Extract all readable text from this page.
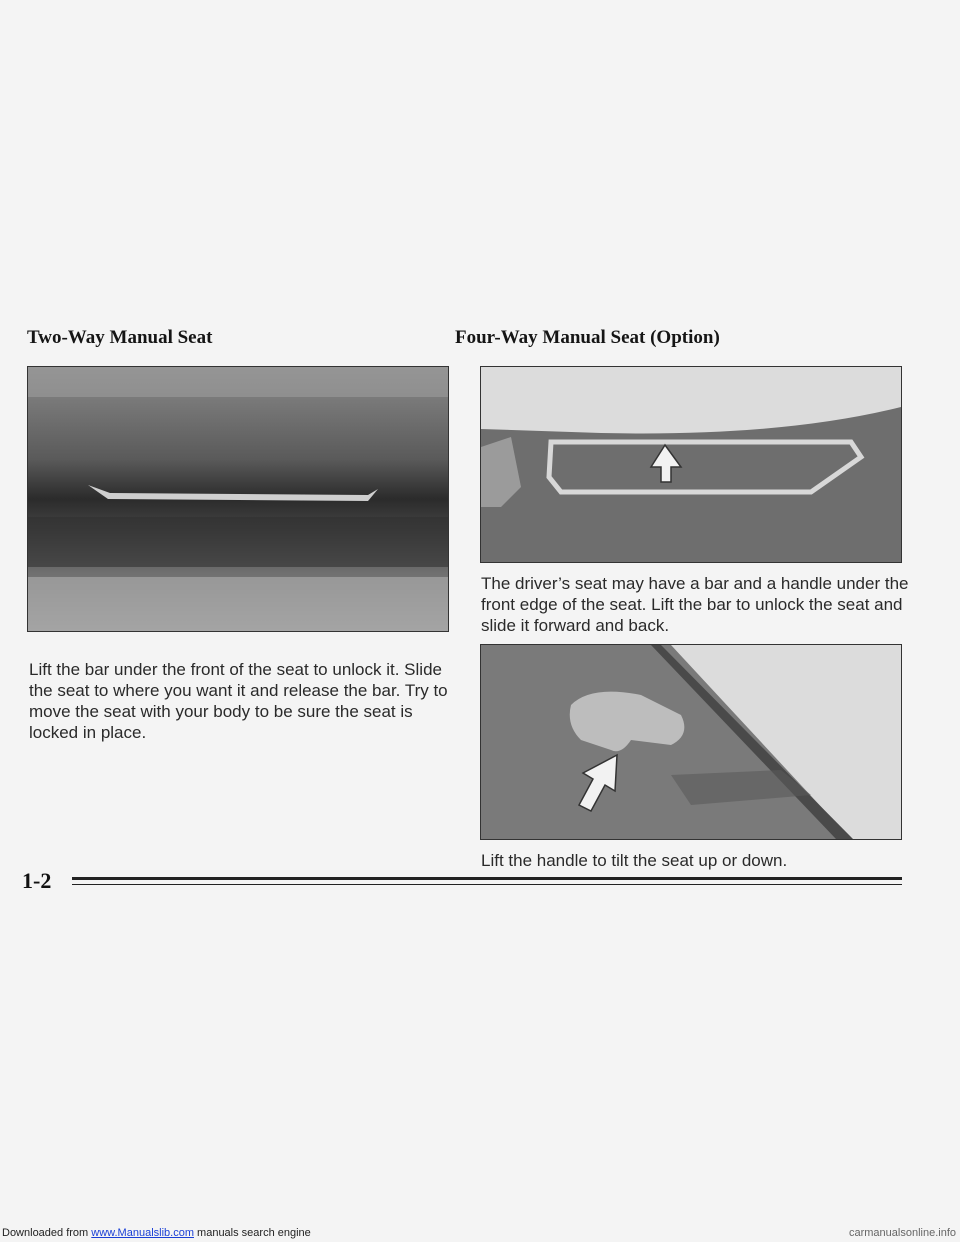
Two-Way Manual Seat

Lift the bar under the front of the seat to unlock it. Slide the seat to where you want it and release the bar. Try to move the seat with your body to be sure the seat is locked in place.

Four-Way Manual Seat (Option)

The driver’s seat may have a bar and a handle under the front edge of the seat. Lift the bar to unlock the seat and slide it forward and back.

Lift the handle to tilt the seat up or down.

1-2
Downloaded from www.Manualslib.com manuals search engine	carmanualsonline.info
